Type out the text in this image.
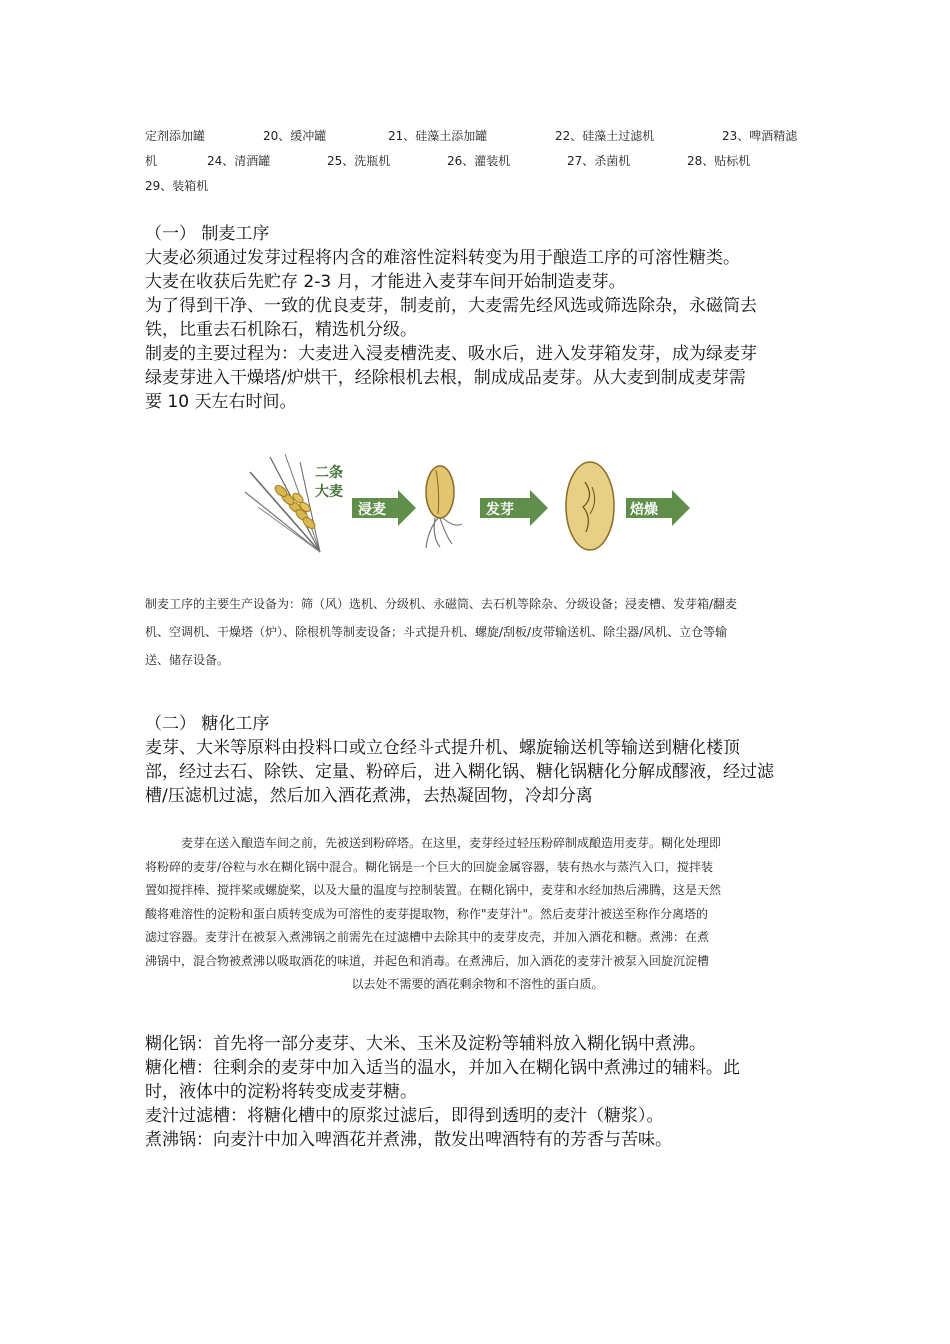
定剂添加罐	20、缓冲罐	21、硅藻土添加罐	22、硅藻土过滤机	23、啤酒精滤
机	24、清酒罐	25、洗瓶机	26、灌装机	27、杀菌机	28、贴标机
29、装箱机
（一） 制麦工序
大麦必须通过发芽过程将内含的难溶性淀料转变为用于酿造工序的可溶性糖类。
大麦在收获后先贮存 2-3 月，才能进入麦芽车间开始制造麦芽。
为了得到干净、一致的优良麦芽，制麦前，大麦需先经风选或筛选除杂，永磁筒去
铁，比重去石机除石，精选机分级。
制麦的主要过程为：大麦进入浸麦槽洗麦、吸水后，进入发芽箱发芽，成为绿麦芽
绿麦芽进入干燥塔/炉烘干，经除根机去根，制成成品麦芽。从大麦到制成麦芽需
要 10 天左右时间。
二条
大麦
浸麦	发芽	焙燥
制麦工序的主要生产设备为：筛（风）选机、分级机、永磁筒、去石机等除杂、分级设备；浸麦槽、发芽箱/翻麦
机、空调机、干燥塔（炉）、除根机等制麦设备；斗式提升机、螺旋/刮板/皮带输送机、除尘器/风机、立仓等输
送、储存设备。
（二） 糖化工序
麦芽、大米等原料由投料口或立仓经斗式提升机、螺旋输送机等输送到糖化楼顶
部，经过去石、除铁、定量、粉碎后，进入糊化锅、糖化锅糖化分解成醪液，经过滤
槽/压滤机过滤，然后加入酒花煮沸，去热凝固物，冷却分离
麦芽在送入酿造车间之前，先被送到粉碎塔。在这里，麦芽经过轻压粉碎制成酿造用麦芽。糊化处理即
将粉碎的麦芽/谷粒与水在糊化锅中混合。糊化锅是一个巨大的回旋金属容器，装有热水与蒸汽入口，搅拌装
置如搅拌棒、搅拌桨或螺旋桨，以及大量的温度与控制装置。在糊化锅中，麦芽和水经加热后沸腾，这是天然
酸将难溶性的淀粉和蛋白质转变成为可溶性的麦芽提取物，称作"麦芽汁"。然后麦芽汁被送至称作分离塔的
滤过容器。麦芽汁在被泵入煮沸锅之前需先在过滤槽中去除其中的麦芽皮壳，并加入酒花和糖。煮沸：在煮
沸锅中，混合物被煮沸以吸取酒花的味道，并起色和消毒。在煮沸后，加入酒花的麦芽汁被泵入回旋沉淀槽
以去处不需要的酒花剩余物和不溶性的蛋白质。
糊化锅：首先将一部分麦芽、大米、玉米及淀粉等辅料放入糊化锅中煮沸。
糖化槽：往剩余的麦芽中加入适当的温水，并加入在糊化锅中煮沸过的辅料。此
时，液体中的淀粉将转变成麦芽糖。
麦汁过滤槽：将糖化槽中的原浆过滤后，即得到透明的麦汁（糖浆）。
煮沸锅：向麦汁中加入啤酒花并煮沸，散发出啤酒特有的芳香与苦味。
